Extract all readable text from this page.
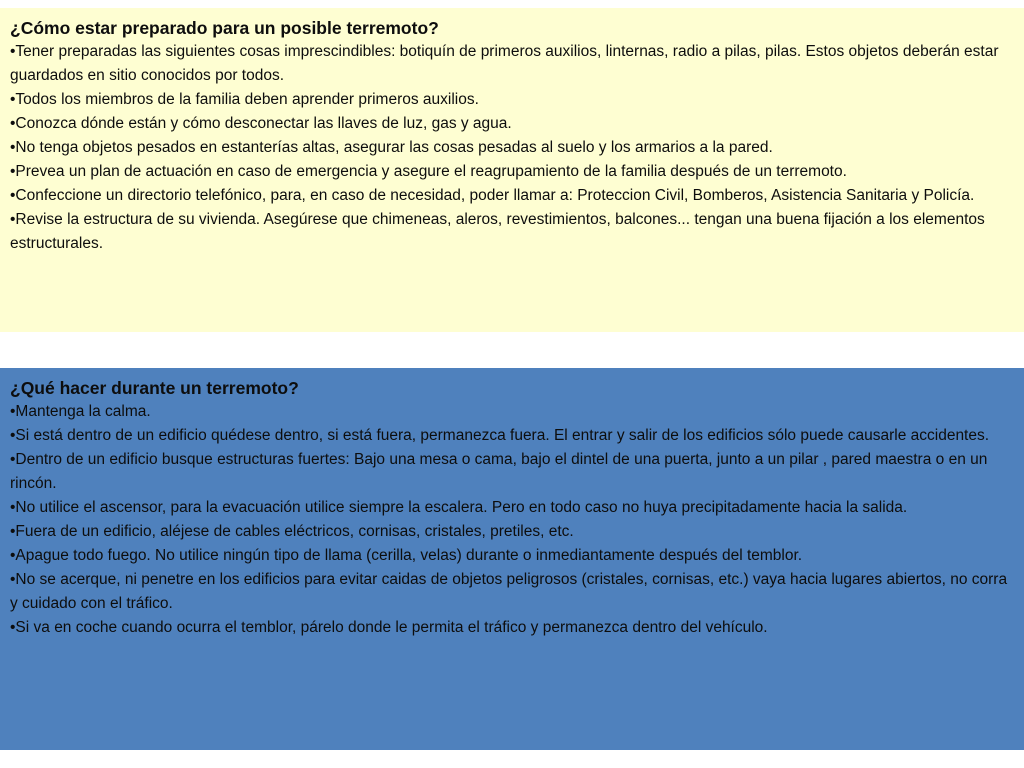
¿Cómo estar preparado para un posible terremoto?
•Tener preparadas las siguientes cosas imprescindibles: botiquín de primeros auxilios, linternas, radio a pilas, pilas. Estos objetos deberán estar guardados en sitio conocidos por todos.
•Todos los miembros de la familia deben aprender primeros auxilios.
•Conozca dónde están y cómo desconectar las llaves de luz, gas y agua.
•No tenga objetos pesados en estanterías altas, asegurar las cosas pesadas al suelo y los armarios a la pared.
•Prevea un plan de actuación en caso de emergencia y asegure el reagrupamiento de la familia después de un terremoto.
•Confeccione un directorio telefónico, para, en caso de necesidad, poder llamar a: Proteccion Civil, Bomberos, Asistencia Sanitaria y Policía.
•Revise la estructura de su vivienda. Asegúrese que chimeneas, aleros, revestimientos, balcones... tengan una buena fijación a los elementos estructurales.
¿Qué hacer durante un terremoto?
•Mantenga la calma.
•Si está dentro de un edificio quédese dentro, si está fuera, permanezca fuera. El entrar y salir de los edificios sólo puede causarle accidentes.
•Dentro de un edificio busque estructuras fuertes: Bajo una mesa o cama, bajo el dintel de una puerta, junto a un pilar , pared maestra o en un rincón.
•No utilice el ascensor, para la evacuación utilice siempre la escalera. Pero en todo caso no huya precipitadamente hacia la salida.
•Fuera de un edificio, aléjese de cables eléctricos, cornisas, cristales, pretiles, etc.
•Apague todo fuego. No utilice ningún tipo de llama (cerilla, velas) durante o inmediantamente después del temblor.
•No se acerque, ni penetre en los edificios para evitar caidas de objetos peligrosos (cristales, cornisas, etc.) vaya hacia lugares abiertos, no corra y cuidado con el tráfico.
•Si va en coche cuando ocurra el temblor, párelo donde le permita el tráfico y permanezca dentro del vehículo.
